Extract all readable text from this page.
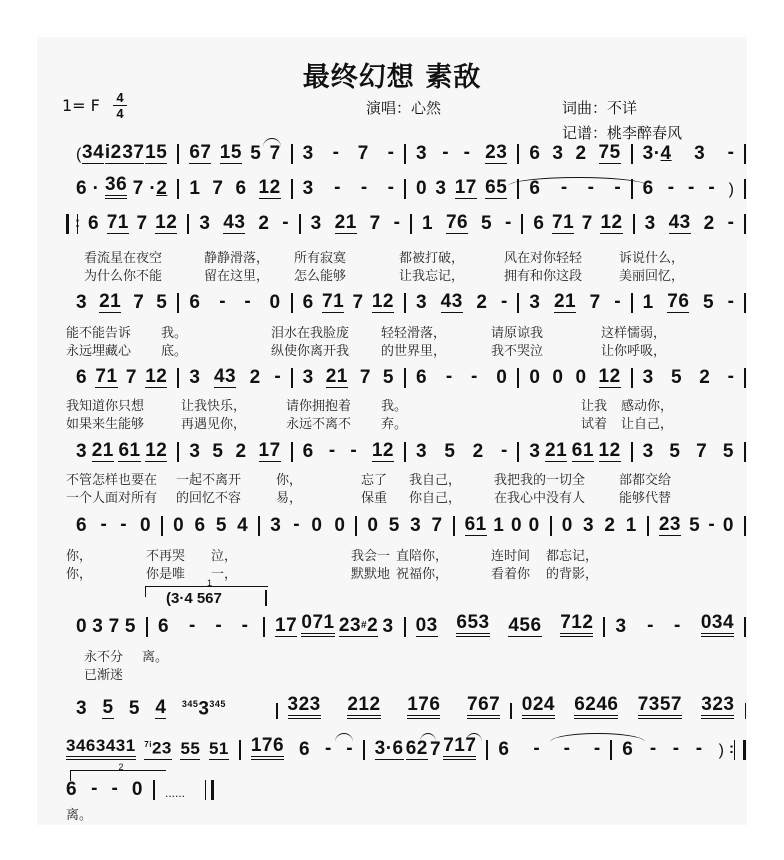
最终幻想 素敌
1= F 4
4	演唱：心然	词曲：不详
记谱：桃李醉春风
( 34 i2 37 15 67 15 5 7 3 - 7 - 3 - - 23 6 3 2 75 3·4 3 -
6 · 36 7 ·2 1 7 6 12 3 - - - 0 3 17 65 6 - - - 6 - - - )
:
6 71 7 12 3 43 2 - 3 21 7 - 1 76 5 - 6 71 7 12 3 43 2 -
看流星在夜空	静静滑落，	所有寂寞	都被打破，	风在对你轻轻	诉说什么，
为什么你不能	留在这里，	怎么能够	让我忘记，	拥有和你这段	美丽回忆，
3 21 7 5 6 - - 0 6 71 7 12 3 43 2 - 3 21 7 - 1 76 5 -
能不能告诉	我。	泪水在我脸庞	轻轻滑落，	请原谅我	这样懦弱，
永远埋藏心	底。	纵使你离开我	的世界里，	我不哭泣	让你呼吸，
6 71 7 12 3 43 2 - 3 21 7 5 6 - - 0 0 0 0 12 3 5 2 -
我知道你只想	让我快乐，	请你拥抱着	我。	让我	感动你，
如果来生能够	再遇见你，	永远不离不	弃。	试着	让自己，
3 21 61 12 3 5 2 17 6 - - 12 3 5 2 - 3 21 61 12 3 5 7 5
不管怎样也要在	一起不离开	你，	忘了	我自己，	我把我的一切全	部都交给
一个人面对所有	的回忆不容	易，	保重	你自己，	在我心中没有人	能够代替
6 - - 0 0 6 5 4 3 - 0 0 0 5 3 7 61 1 0 0 0 3 2 1 23 5 - 0
你，	不再哭	泣，	我会一 直陪你，	连时间	都忘记，
你，	你是唯	一，	默默地 祝福你，	看着你	的背影，
1
(3·4 567
0 3 7 5 6 - - - 17 071 23#2 3 03 653 456 712 3 - - 034
永不分	离。
已渐迷
3 5 5 4 $^{345}3^{345}$	323 212 176 767 024 6246 7357 323
3463431 $^{7i}$23 55 51 176 6 - - 3·6 62 7 717 6 - - - 6 - - - )
:
2
6 - - 0 ......
离。
